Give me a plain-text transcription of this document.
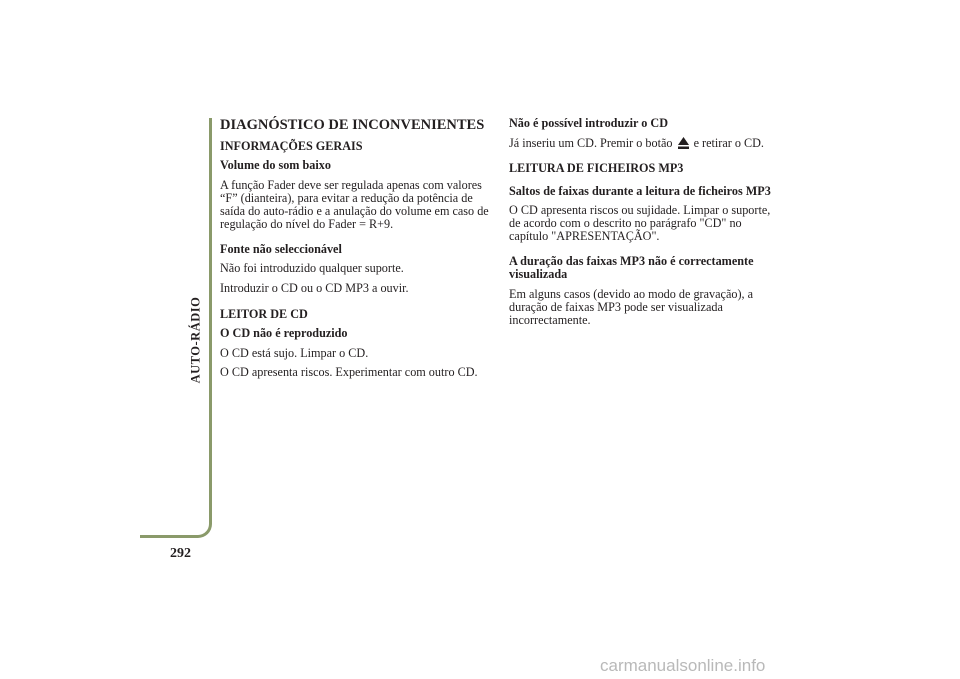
AUTO-RÁDIO
292

DIAGNÓSTICO DE INCONVENIENTES

INFORMAÇÕES GERAIS

Volume do som baixo

A função Fader deve ser regulada apenas com valores “F” (dianteira), para evitar a redução da potência de saída do auto-rádio e a anulação do volume em caso de regulação do nível do Fader = R+9.

Fonte não seleccionável

Não foi introduzido qualquer suporte.

Introduzir o CD ou o CD MP3 a ouvir.

LEITOR DE CD

O CD não é reproduzido

O CD está sujo. Limpar o CD.

O CD apresenta riscos. Experimentar com outro CD.

Não é possível introduzir o CD

Já inseriu um CD. Premir o botão e retirar o CD.

LEITURA DE FICHEIROS MP3

Saltos de faixas durante a leitura de ficheiros MP3

O CD apresenta riscos ou sujidade. Limpar o suporte, de acordo com o descrito no parágrafo "CD" no capítulo "APRESENTAÇÃO".

A duração das faixas MP3 não é correctamente visualizada

Em alguns casos (devido ao modo de gravação), a duração de faixas MP3 pode ser visualizada incorrectamente.

carmanualsonline.info
